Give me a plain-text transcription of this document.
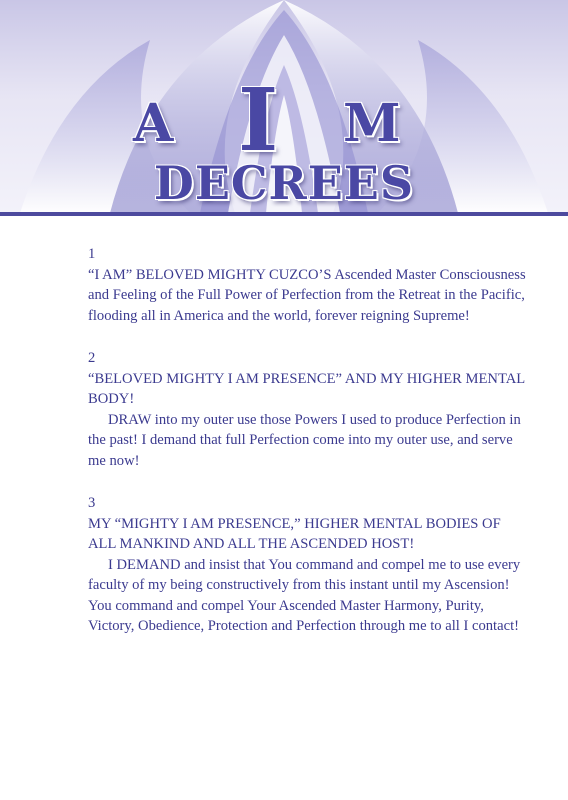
A I M
DECREES
1

“I AM” BELOVED MIGHTY CUZCO’S Ascended Master Consciousness and Feeling of the Full Power of Perfection from the Retreat in the Pacific, flooding all in America and the world, forever reigning Supreme!

2

“BELOVED MIGHTY I AM PRESENCE” AND MY HIGHER MENTAL BODY!

DRAW into my outer use those Powers I used to produce Perfection in the past! I demand that full Perfection come into my outer use, and serve me now!

3

MY “MIGHTY I AM PRESENCE,” HIGHER MENTAL BODIES OF ALL MANKIND AND ALL THE ASCENDED HOST!

I DEMAND and insist that You command and compel me to use every faculty of my being constructively from this instant until my Ascension! You command and compel Your Ascended Master Harmony, Purity, Victory, Obedience, Protection and Perfection through me to all I contact!
